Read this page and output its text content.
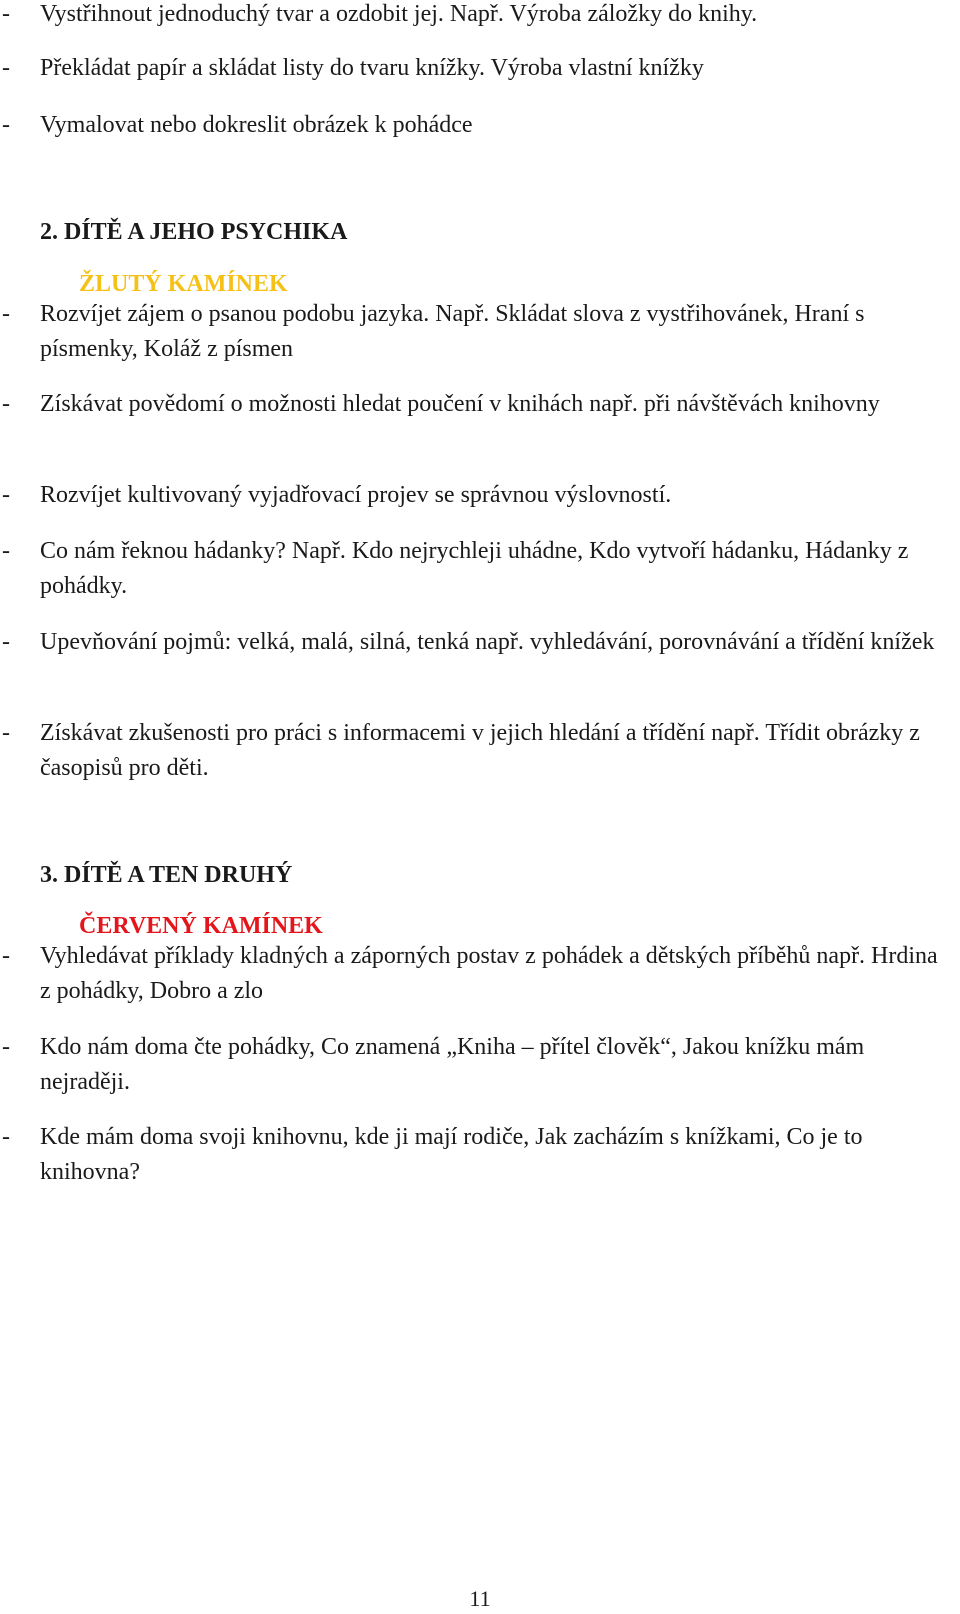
-	Vystřihnout jednoduchý tvar a ozdobit jej. Např. Výroba záložky do knihy.
-	Překládat papír a skládat listy do tvaru knížky. Výroba vlastní knížky
-	Vymalovat nebo dokreslit obrázek k pohádce
2. DÍTĚ A JEHO PSYCHIKA
ŽLUTÝ KAMÍNEK
-	Rozvíjet zájem o psanou podobu jazyka. Např. Skládat slova z vystřihovánek, Hraní s písmenky, Koláž z písmen
-	Získávat povědomí o možnosti hledat poučení v knihách např. při návštěvách knihovny
-	Rozvíjet kultivovaný vyjadřovací projev se správnou výslovností.
-	Co nám řeknou hádanky? Např. Kdo nejrychleji uhádne, Kdo vytvoří hádanku, Hádanky z pohádky.
-	Upevňování pojmů: velká, malá, silná, tenká např. vyhledávání, porovnávání a třídění knížek
-	Získávat zkušenosti pro práci s informacemi v jejich hledání a třídění např. Třídit obrázky z časopisů pro děti.
3. DÍTĚ A TEN DRUHÝ
ČERVENÝ KAMÍNEK
-	Vyhledávat příklady kladných a záporných postav z pohádek a dětských příběhů např. Hrdina z pohádky, Dobro a zlo
-	Kdo nám doma čte pohádky, Co znamená „Kniha – přítel člověk“, Jakou knížku mám nejraději.
-	Kde mám doma svoji knihovnu, kde ji mají rodiče, Jak zacházím s knížkami, Co je to knihovna?
11
